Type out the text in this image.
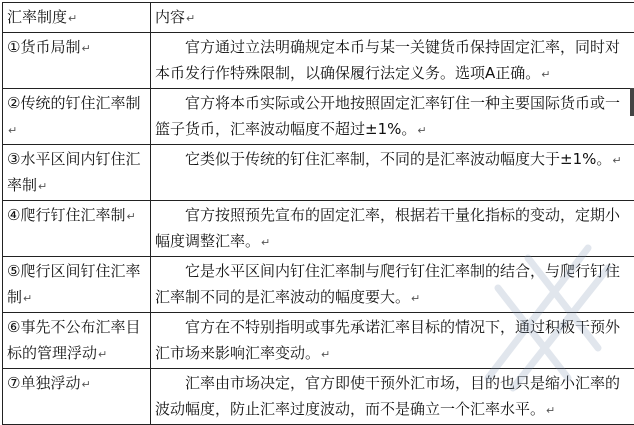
汇率制度↵	内容↵
①货币局制↵	官方通过立法明确规定本币与某一关键货币保持固定汇率，同时对本币发行作特殊限制，以确保履行法定义务。选项A正确。↵
②传统的钉住汇率制↵	官方将本币实际或公开地按照固定汇率钉住一种主要国际货币或一篮子货币，汇率波动幅度不超过±1%。↵
③水平区间内钉住汇率制↵	它类似于传统的钉住汇率制，不同的是汇率波动幅度大于±1%。↵
④爬行钉住汇率制↵	官方按照预先宣布的固定汇率，根据若干量化指标的变动，定期小幅度调整汇率。↵
⑤爬行区间钉住汇率制↵	它是水平区间内钉住汇率制与爬行钉住汇率制的结合，与爬行钉住汇率制不同的是汇率波动的幅度要大。↵
⑥事先不公布汇率目标的管理浮动↵	官方在不特别指明或事先承诺汇率目标的情况下，通过积极干预外汇市场来影响汇率变动。↵
⑦单独浮动↵	汇率由市场决定，官方即使干预外汇市场，目的也只是缩小汇率的波动幅度，防止汇率过度波动，而不是确立一个汇率水平。↵
